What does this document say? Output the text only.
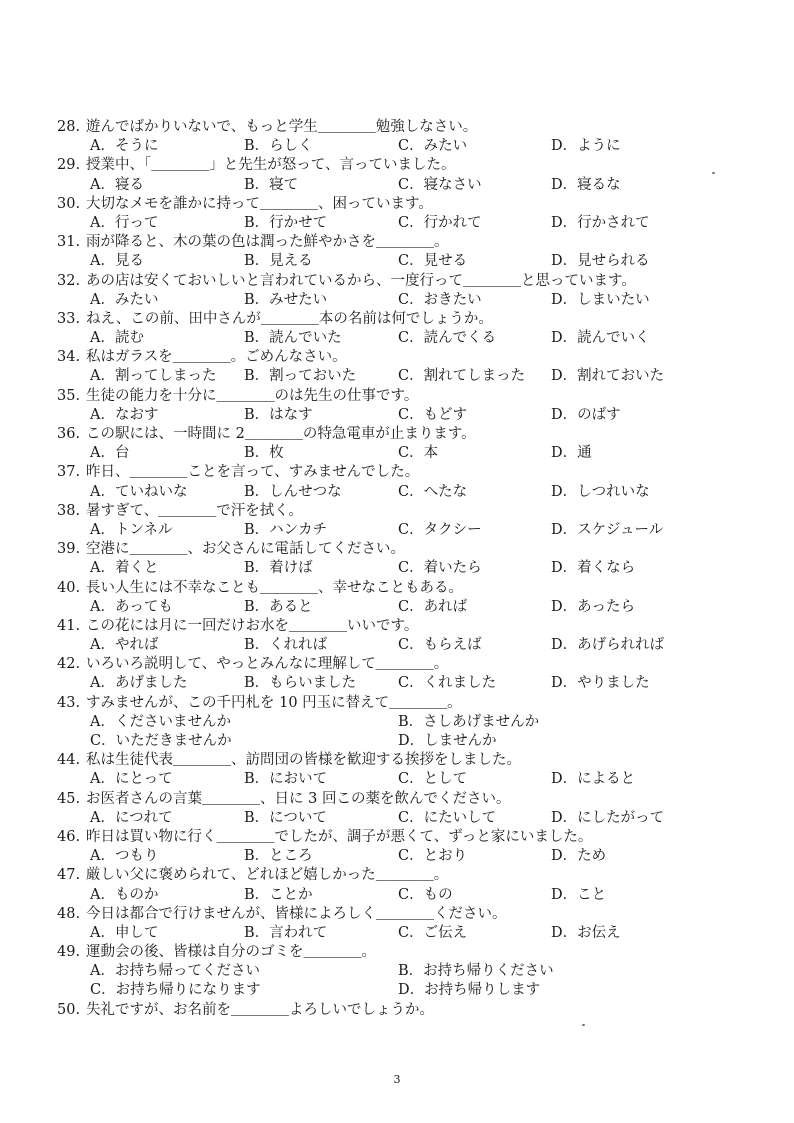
28. 遊んでばかりいないで、もっと学生＿＿＿＿勉強しなさい。
A．そうに	B．らしく	C．みたい	D．ように
29. 授業中、「＿＿＿＿」と先生が怒って、言っていました。
A．寝る	B．寝て	C．寝なさい	D．寝るな
30. 大切なメモを誰かに持って＿＿＿＿、困っています。
A．行って	B．行かせて	C．行かれて	D．行かされて
31. 雨が降ると、木の葉の色は潤った鮮やかさを＿＿＿＿。
A．見る	B．見える	C．見せる	D．見せられる
32. あの店は安くておいしいと言われているから、一度行って＿＿＿＿と思っています。
A．みたい	B．みせたい	C．おきたい	D．しまいたい
33. ねえ、この前、田中さんが＿＿＿＿本の名前は何でしょうか。
A．読む	B．読んでいた	C．読んでくる	D．読んでいく
34. 私はガラスを＿＿＿＿。ごめんなさい。
A．割ってしまった B．割っておいた	C．割れてしまった D．割れておいた
35. 生徒の能力を十分に＿＿＿＿のは先生の仕事です。
A．なおす	B．はなす	C．もどす	D．のばす
36. この駅には、一時間に 2＿＿＿＿の特急電車が止まります。
A．台	B．枚	C．本	D．通
37. 昨日、＿＿＿＿ことを言って、すみませんでした。
A．ていねいな	B．しんせつな	C．へたな	D．しつれいな
38. 暑すぎて、＿＿＿＿で汗を拭く。
A．トンネル	B．ハンカチ	C．タクシー	D．スケジュール
39. 空港に＿＿＿＿、お父さんに電話してください。
A．着くと	B．着けば	C．着いたら	D．着くなら
40. 長い人生には不幸なことも＿＿＿＿、幸せなこともある。
A．あっても	B．あると	C．あれば	D．あったら
41. この花には月に一回だけお水を＿＿＿＿いいです。
A．やれば	B．くれれば	C．もらえば	D．あげられれば
42. いろいろ説明して、やっとみんなに理解して＿＿＿＿。
A．あげました	B．もらいました	C．くれました	D．やりました
43. すみませんが、この千円札を 10 円玉に替えて＿＿＿＿。
A．くださいませんか	B．さしあげませんか
C．いただきませんか	D．しませんか
44. 私は生徒代表＿＿＿＿、訪問団の皆様を歓迎する挨拶をしました。
A．にとって	B．において	C．として	D．によると
45. お医者さんの言葉＿＿＿＿、日に 3 回この薬を飲んでください。
A．につれて	B．について	C．にたいして	D．にしたがって
46. 昨日は買い物に行く＿＿＿＿でしたが、調子が悪くて、ずっと家にいました。
A．つもり	B．ところ	C．とおり	D．ため
47. 厳しい父に褒められて、どれほど嬉しかった＿＿＿＿。
A．ものか	B．ことか	C．もの	D．こと
48. 今日は都合で行けませんが、皆様によろしく＿＿＿＿ください。
A．申して	B．言われて	C．ご伝え	D．お伝え
49. 運動会の後、皆様は自分のゴミを＿＿＿＿。
A．お持ち帰ってください	B．お持ち帰りください
C．お持ち帰りになります	D．お持ち帰りします
50. 失礼ですが、お名前を＿＿＿＿よろしいでしょうか。
3
